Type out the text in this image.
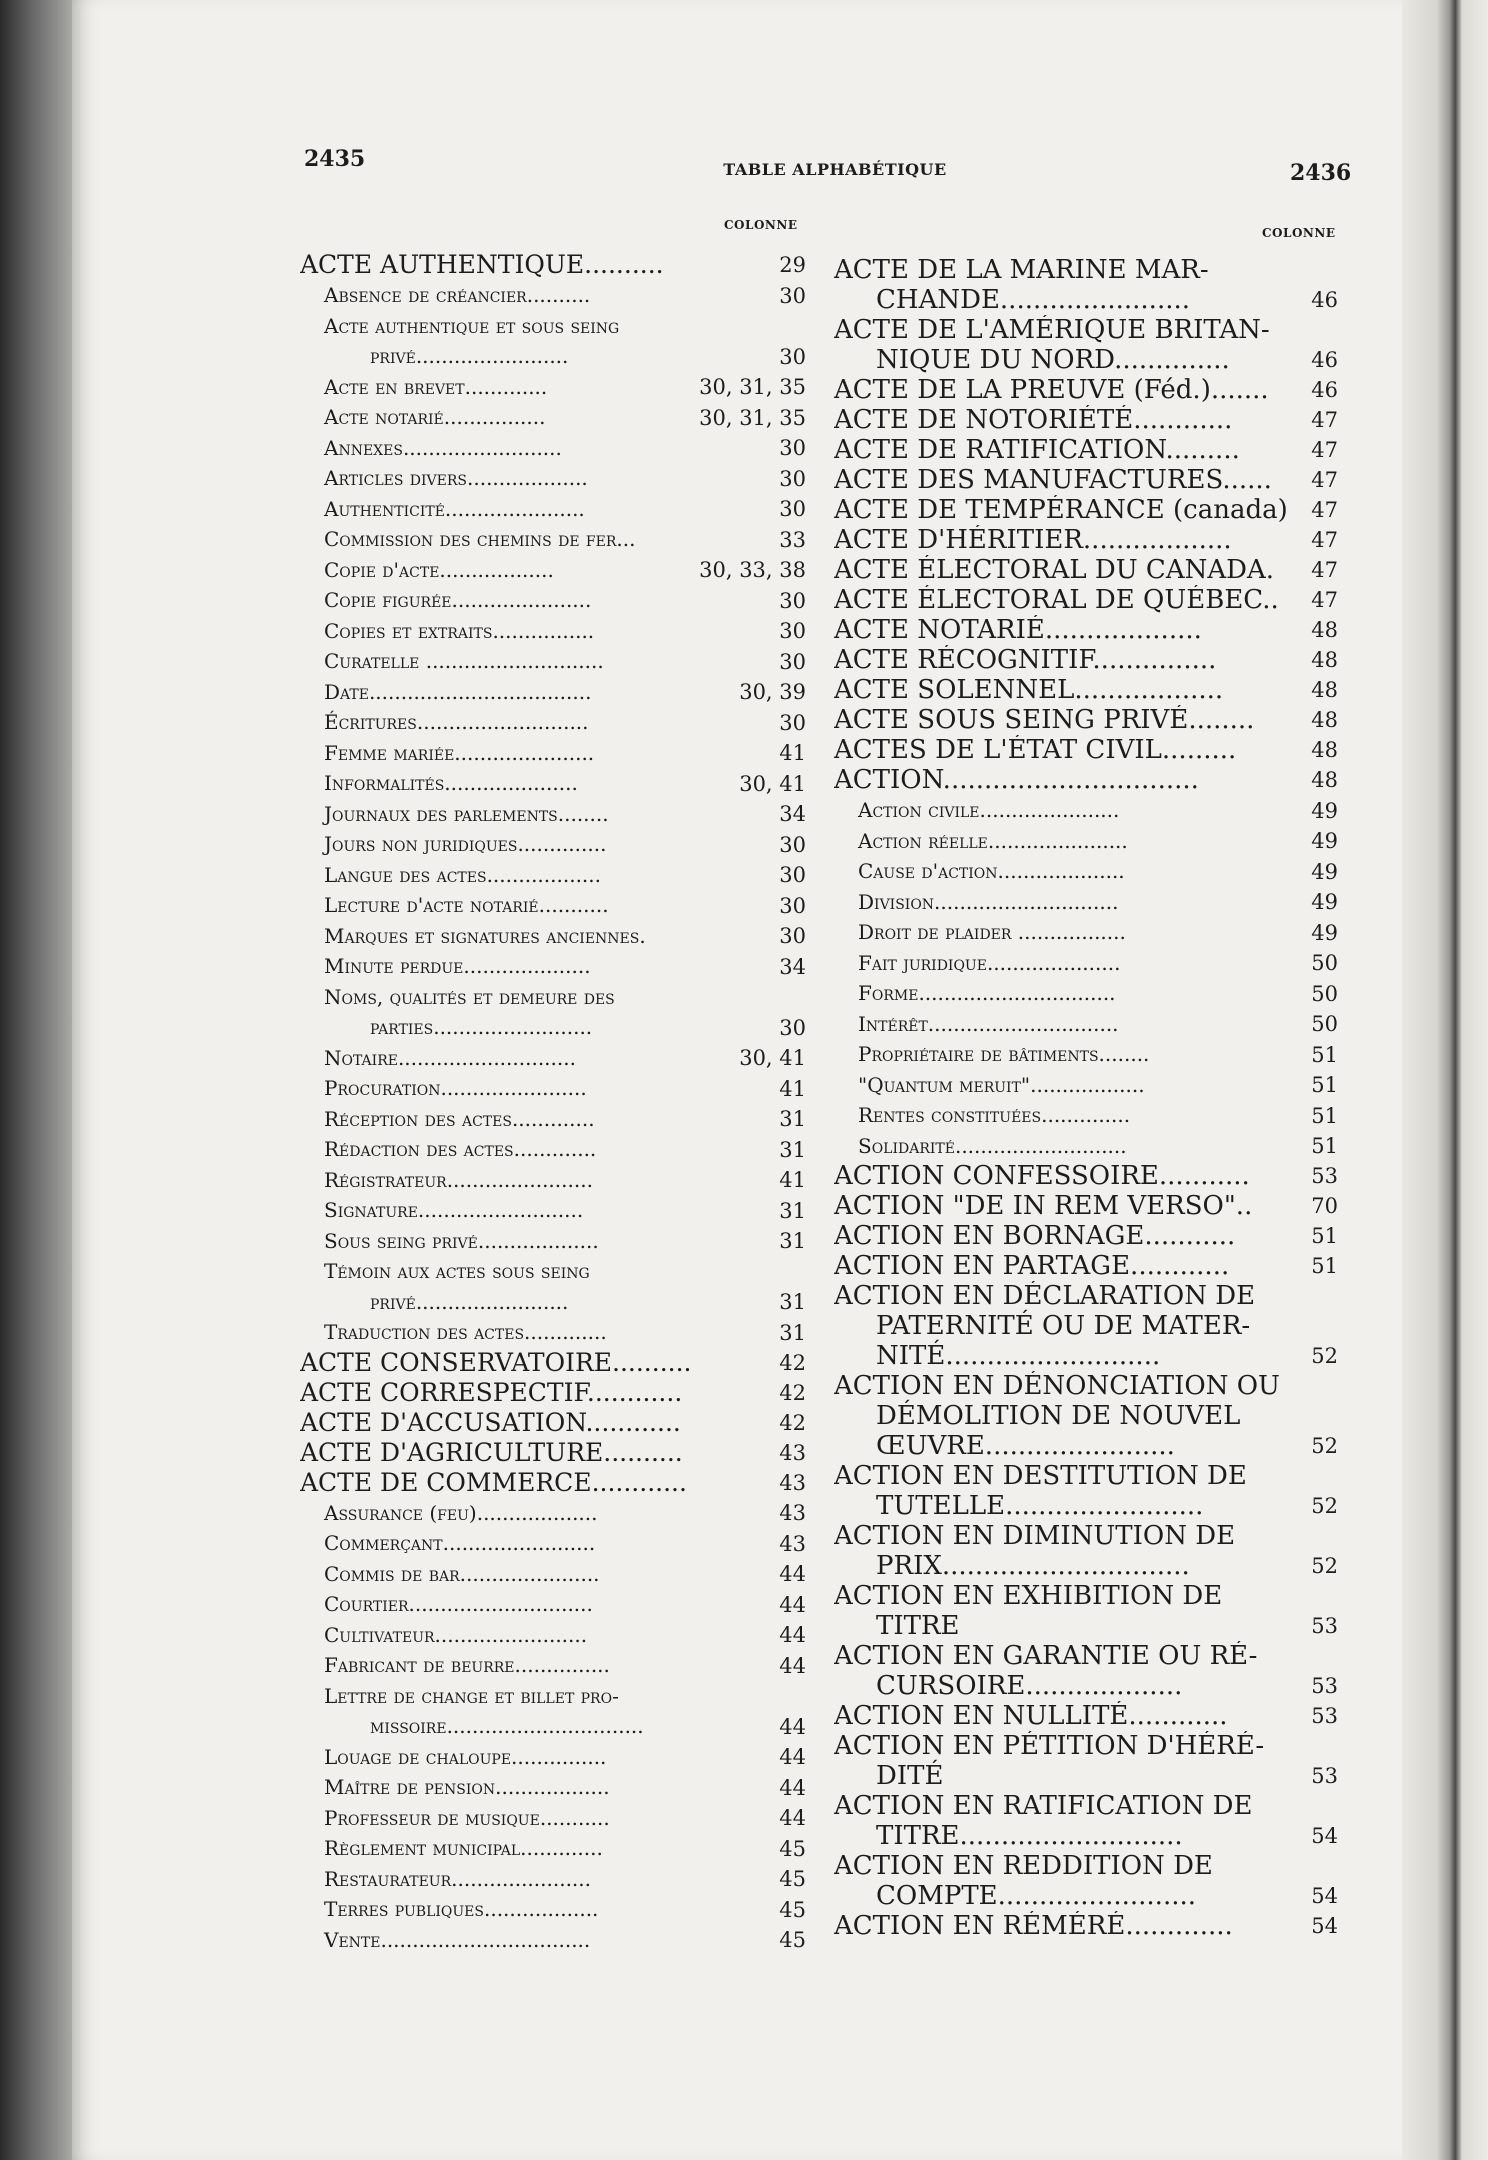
2435	TABLE ALPHABÉTIQUE	2436
COLONNE
COLONNE
ACTE AUTHENTIQUE..........	29
Absence de créancier..........	30
Acte authentique et sous seing
privé........................	30
Acte en brevet.............	30, 31, 35
Acte notarié................	30, 31, 35
Annexes.........................	30
Articles divers...................	30
Authenticité......................	30
Commission des chemins de fer...	33
Copie d'acte..................	30, 33, 38
Copie figurée......................	30
Copies et extraits................	30
Curatelle ............................	30
Date...................................	30, 39
Écritures...........................	30
Femme mariée......................	41
Informalités.....................	30, 41
Journaux des parlements........	34
Jours non juridiques..............	30
Langue des actes..................	30
Lecture d'acte notarié...........	30
Marques et signatures anciennes.	30
Minute perdue....................	34
Noms, qualités et demeure des
parties.........................	30
Notaire............................	30, 41
Procuration.......................	41
Réception des actes.............	31
Rédaction des actes.............	31
Régistrateur.......................	41
Signature..........................	31
Sous seing privé...................	31
Témoin aux actes sous seing
privé........................	31
Traduction des actes.............	31
ACTE CONSERVATOIRE..........	42
ACTE CORRESPECTIF............	42
ACTE D'ACCUSATION............	42
ACTE D'AGRICULTURE..........	43
ACTE DE COMMERCE............	43
Assurance (feu)...................	43
Commerçant........................	43
Commis de bar......................	44
Courtier.............................	44
Cultivateur........................	44
Fabricant de beurre...............	44
Lettre de change et billet pro-
missoire...............................	44
Louage de chaloupe...............	44
Maître de pension..................	44
Professeur de musique...........	44
Règlement municipal.............	45
Restaurateur......................	45
Terres publiques..................	45
Vente.................................	45
ACTE DE LA MARINE MAR-
CHANDE.......................	46
ACTE DE L'AMÉRIQUE BRITAN-
NIQUE DU NORD..............	46
ACTE DE LA PREUVE (Féd.).......	46
ACTE DE NOTORIÉTÉ............	47
ACTE DE RATIFICATION.........	47
ACTE DES MANUFACTURES......	47
ACTE DE TEMPÉRANCE (canada)	47
ACTE D'HÉRITIER..................	47
ACTE ÉLECTORAL DU CANADA.	47
ACTE ÉLECTORAL DE QUÉBEC..	47
ACTE NOTARIÉ...................	48
ACTE RÉCOGNITIF...............	48
ACTE SOLENNEL..................	48
ACTE SOUS SEING PRIVÉ........	48
ACTES DE L'ÉTAT CIVIL.........	48
ACTION...............................	48
Action civile......................	49
Action réelle......................	49
Cause d'action....................	49
Division.............................	49
Droit de plaider .................	49
Fait juridique.....................	50
Forme...............................	50
Intérêt..............................	50
Propriétaire de bâtiments........	51
"Quantum meruit"..................	51
Rentes constituées..............	51
Solidarité...........................	51
ACTION CONFESSOIRE...........	53
ACTION "DE IN REM VERSO"..	70
ACTION EN BORNAGE...........	51
ACTION EN PARTAGE............	51
ACTION EN DÉCLARATION DE
PATERNITÉ OU DE MATER-
NITÉ..........................	52
ACTION EN DÉNONCIATION OU
DÉMOLITION DE NOUVEL
ŒUVRE.......................	52
ACTION EN DESTITUTION DE
TUTELLE........................	52
ACTION EN DIMINUTION DE
PRIX..............................	52
ACTION EN EXHIBITION DE
TITRE	53
ACTION EN GARANTIE OU RÉ-
CURSOIRE...................	53
ACTION EN NULLITÉ............	53
ACTION EN PÉTITION D'HÉRÉ-
DITÉ	53
ACTION EN RATIFICATION DE
TITRE...........................	54
ACTION EN REDDITION DE
COMPTE........................	54
ACTION EN RÉMÉRÉ.............	54
